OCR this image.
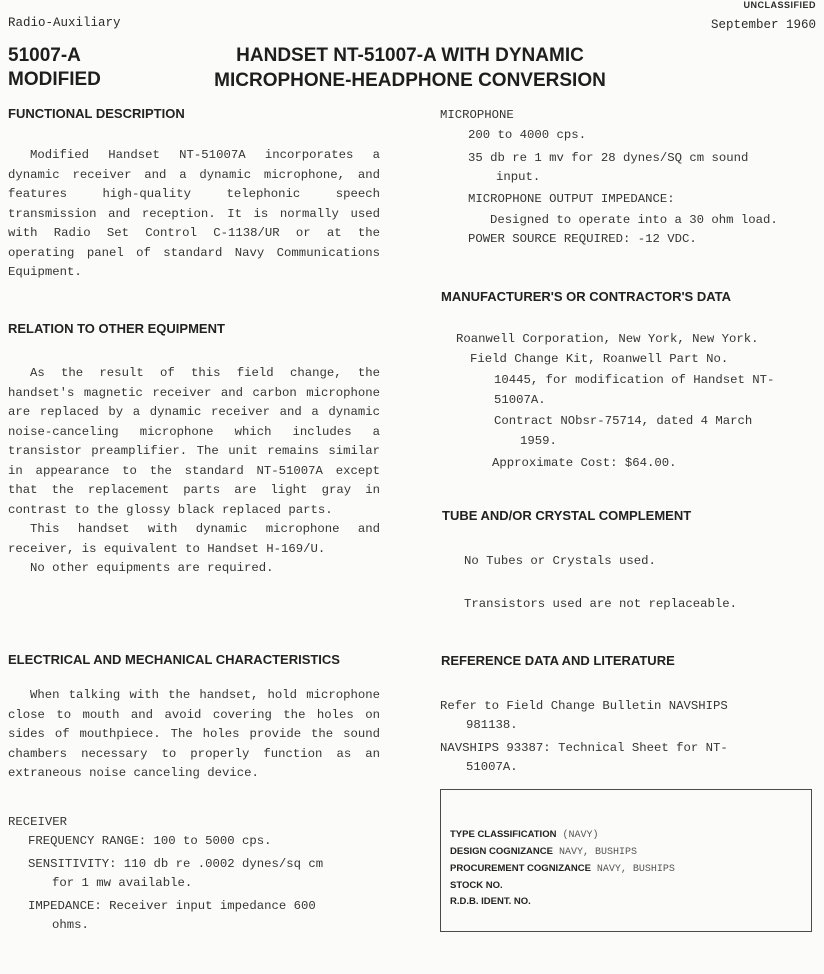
UNCLASSIFIED
Radio-Auxiliary	September 1960
51007-A
MODIFIED
HANDSET NT-51007-A WITH DYNAMIC
MICROPHONE-HEADPHONE CONVERSION
FUNCTIONAL DESCRIPTION

Modified Handset NT-51007A incorporates a dynamic receiver and a dynamic microphone, and features high-quality telephonic speech transmission and reception. It is normally used with Radio Set Control C-1138/UR or at the operating panel of standard Navy Communications Equipment.

RELATION TO OTHER EQUIPMENT

As the result of this field change, the handset's magnetic receiver and carbon microphone are replaced by a dynamic receiver and a dynamic noise-canceling microphone which includes a transistor preamplifier. The unit remains similar in appearance to the standard NT-51007A except that the replacement parts are light gray in contrast to the glossy black replaced parts.

This handset with dynamic microphone and receiver, is equivalent to Handset H-169/U.

No other equipments are required.

ELECTRICAL AND MECHANICAL CHARACTERISTICS

When talking with the handset, hold microphone close to mouth and avoid covering the holes on sides of mouthpiece. The holes provide the sound chambers necessary to properly function as an extraneous noise canceling device.

RECEIVER
FREQUENCY RANGE: 100 to 5000 cps.
SENSITIVITY: 110 db re .0002 dynes/sq cm
for 1 mw available.
IMPEDANCE: Receiver input impedance 600
ohms.
MICROPHONE
200 to 4000 cps.
35 db re 1 mv for 28 dynes/SQ cm sound
input.
MICROPHONE OUTPUT IMPEDANCE:
Designed to operate into a 30 ohm load.
POWER SOURCE REQUIRED: -12 VDC.
MANUFACTURER'S OR CONTRACTOR'S DATA
Roanwell Corporation, New York, New York.
Field Change Kit, Roanwell Part No.
10445, for modification of Handset NT-
51007A.
Contract NObsr-75714, dated 4 March
1959.
Approximate Cost: $64.00.
TUBE AND/OR CRYSTAL COMPLEMENT
No Tubes or Crystals used.
Transistors used are not replaceable.
REFERENCE DATA AND LITERATURE
Refer to Field Change Bulletin NAVSHIPS
981138.
NAVSHIPS 93387: Technical Sheet for NT-
51007A.
TYPE CLASSIFICATION (NAVY)
DESIGN COGNIZANCE NAVY, BUSHIPS
PROCUREMENT COGNIZANCE NAVY, BUSHIPS
STOCK NO.
R.D.B. IDENT. NO.
